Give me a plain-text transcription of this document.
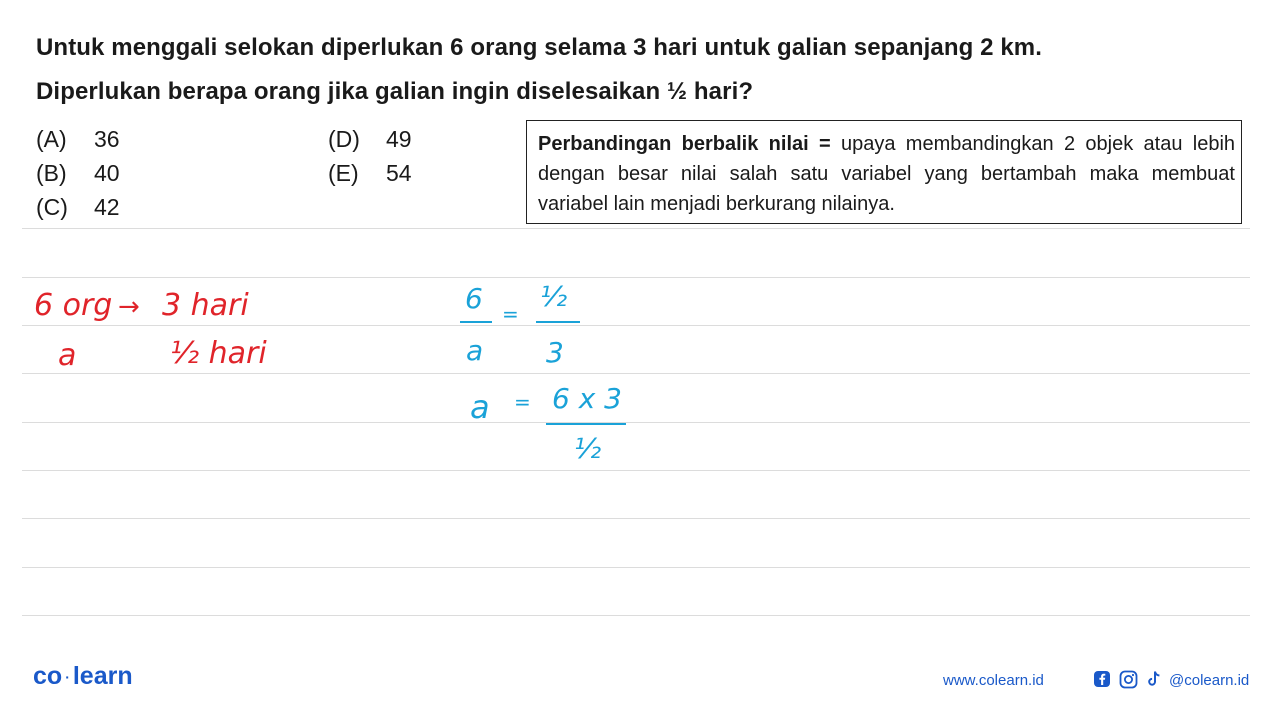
Untuk menggali selokan diperlukan 6 orang selama 3 hari untuk galian sepanjang 2 km.
Diperlukan berapa orang jika galian ingin diselesaikan ½ hari?
(A) 36
(B) 40
(C) 42
(D) 49
(E) 54
Perbandingan berbalik nilai = upaya membandingkan 2 objek atau lebih dengan besar nilai salah satu variabel yang bertambah maka membuat variabel lain menjadi berkurang nilainya.
6 org → 3 hari
a	½ hari
6
a
=
½
3
a = 6 x 3
½
co · learn	www.colearn.id	@colearn.id
